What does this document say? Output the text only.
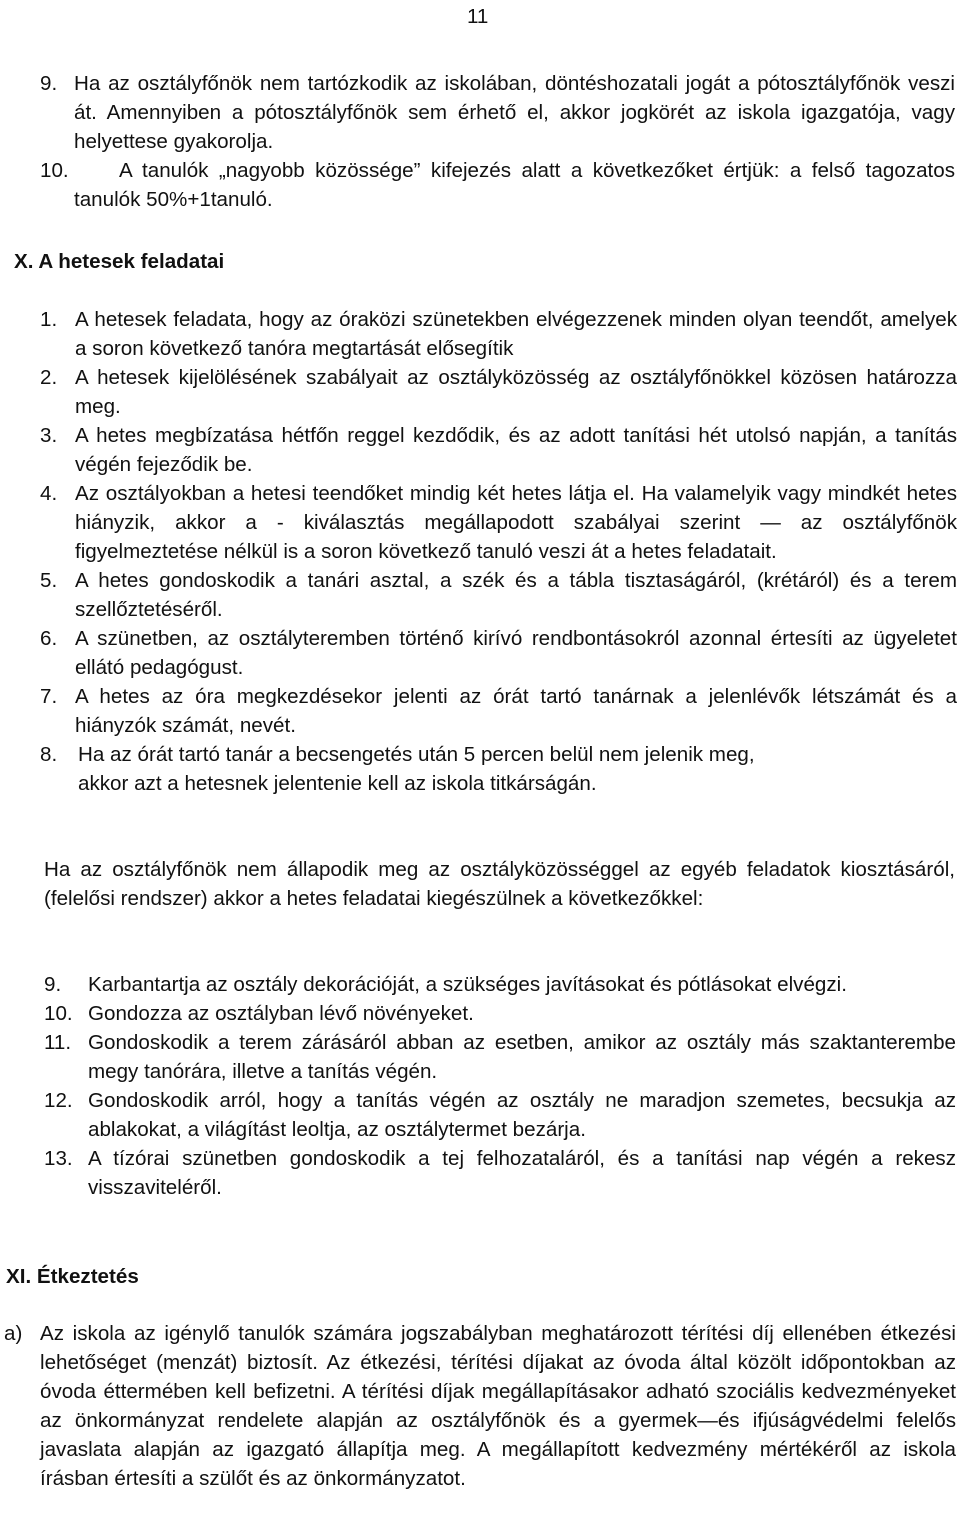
11
9. Ha az osztályfőnök nem tartózkodik az iskolában, döntéshozatali jogát a pótosztályfőnök veszi át. Amennyiben a pótosztályfőnök sem érhető el, akkor jogkörét az iskola igazgatója, vagy helyettese gyakorolja.
10.	A tanulók „nagyobb közössége” kifejezés alatt a következőket értjük: a felső tagozatos tanulók 50%+1tanuló.
X. A hetesek feladatai
1. A hetesek feladata, hogy az óraközi szünetekben elvégezzenek minden olyan teendőt, amelyek a soron következő tanóra megtartását elősegítik
2. A hetesek kijelölésének szabályait az osztályközösség az osztályfőnökkel közösen határozza meg.
3. A hetes megbízatása hétfőn reggel kezdődik, és az adott tanítási hét utolsó napján, a tanítás végén fejeződik be.
4. Az osztályokban a hetesi teendőket mindig két hetes látja el. Ha valamelyik vagy mindkét hetes hiányzik, akkor a - kiválasztás megállapodott szabályai szerint — az osztályfőnök figyelmeztetése nélkül is a soron következő tanuló veszi át a hetes feladatait.
5. A hetes gondoskodik a tanári asztal, a szék és a tábla tisztaságáról, (krétáról) és a terem szellőztetéséről.
6. A szünetben, az osztályteremben történő kirívó rendbontásokról azonnal értesíti az ügyeletet ellátó pedagógust.
7. A hetes az óra megkezdésekor jelenti az órát tartó tanárnak a jelenlévők létszámát és a hiányzók számát, nevét.
8. Ha az órát tartó tanár a becsengetés után 5 percen belül nem jelenik meg,
akkor azt a hetesnek jelentenie kell az iskola titkárságán.
Ha az osztályfőnök nem állapodik meg az osztályközösséggel az egyéb feladatok kiosztásáról, (felelősi rendszer) akkor a hetes feladatai kiegészülnek a következőkkel:
9. Karbantartja az osztály dekorációját, a szükséges javításokat és pótlásokat elvégzi.
10. Gondozza az osztályban lévő növényeket.
11. Gondoskodik a terem zárásáról abban az esetben, amikor az osztály más szaktanterembe megy tanórára, illetve a tanítás végén.
12. Gondoskodik arról, hogy a tanítás végén az osztály ne maradjon szemetes, becsukja az ablakokat, a világítást leoltja, az osztálytermet bezárja.
13. A tízórai szünetben gondoskodik a tej felhozataláról, és a tanítási nap végén a rekesz visszaviteléről.
XI. Étkeztetés
a) Az iskola az igénylő tanulók számára jogszabályban meghatározott térítési díj ellenében étkezési lehetőséget (menzát) biztosít. Az étkezési, térítési díjakat az óvoda által közölt időpontokban az óvoda éttermében kell befizetni. A térítési díjak megállapításakor adható szociális kedvezményeket az önkormányzat rendelete alapján az osztályfőnök és a gyermek—és ifjúságvédelmi felelős javaslata alapján az igazgató állapítja meg. A megállapított kedvezmény mértékéről az iskola írásban értesíti a szülőt és az önkormányzatot.
